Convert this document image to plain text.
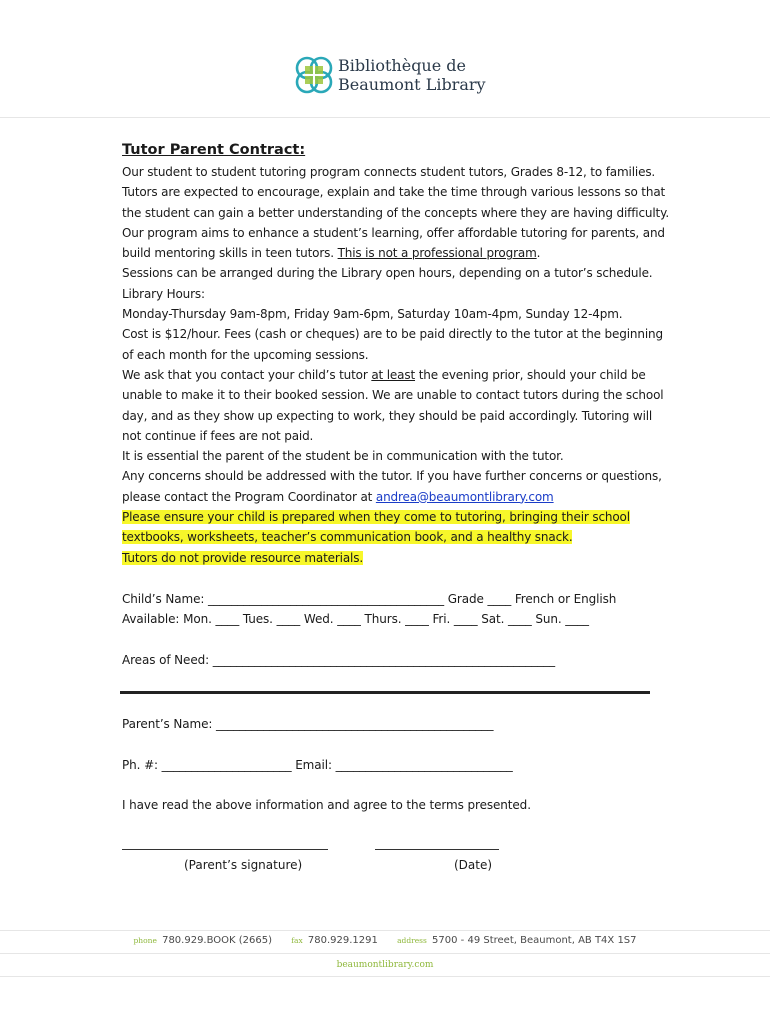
Bibliothèque de
Beaumont Library
Tutor Parent Contract:
Our student to student tutoring program connects student tutors, Grades 8-12, to families.
Tutors are expected to encourage, explain and take the time through various lessons so that
the student can gain a better understanding of the concepts where they are having difficulty.
Our program aims to enhance a student’s learning, offer affordable tutoring for parents, and
build mentoring skills in teen tutors. This is not a professional program.
Sessions can be arranged during the Library open hours, depending on a tutor’s schedule.
Library Hours:
Monday-Thursday 9am-8pm, Friday 9am-6pm, Saturday 10am-4pm, Sunday 12-4pm.
Cost is $12/hour. Fees (cash or cheques) are to be paid directly to the tutor at the beginning
of each month for the upcoming sessions.
We ask that you contact your child’s tutor at least the evening prior, should your child be
unable to make it to their booked session. We are unable to contact tutors during the school
day, and as they show up expecting to work, they should be paid accordingly. Tutoring will
not continue if fees are not paid.
It is essential the parent of the student be in communication with the tutor.
Any concerns should be addressed with the tutor. If you have further concerns or questions,
please contact the Program Coordinator at andrea@beaumontlibrary.com
Please ensure your child is prepared when they come to tutoring, bringing their school
textbooks, worksheets, teacher’s communication book, and a healthy snack.
Tutors do not provide resource materials.
Child’s Name: ________________________________________ Grade ____ French or English
Available: Mon. ____ Tues. ____ Wed. ____ Thurs. ____ Fri. ____ Sat. ____ Sun. ____
Areas of Need: __________________________________________________________
Parent’s Name: _______________________________________________
Ph. #: ______________________ Email: ______________________________
I have read the above information and agree to the terms presented.
(Parent’s signature)	(Date)
phone 780.929.BOOK (2665)	fax 780.929.1291	address 5700 - 49 Street, Beaumont, AB T4X 1S7
beaumontlibrary.com
